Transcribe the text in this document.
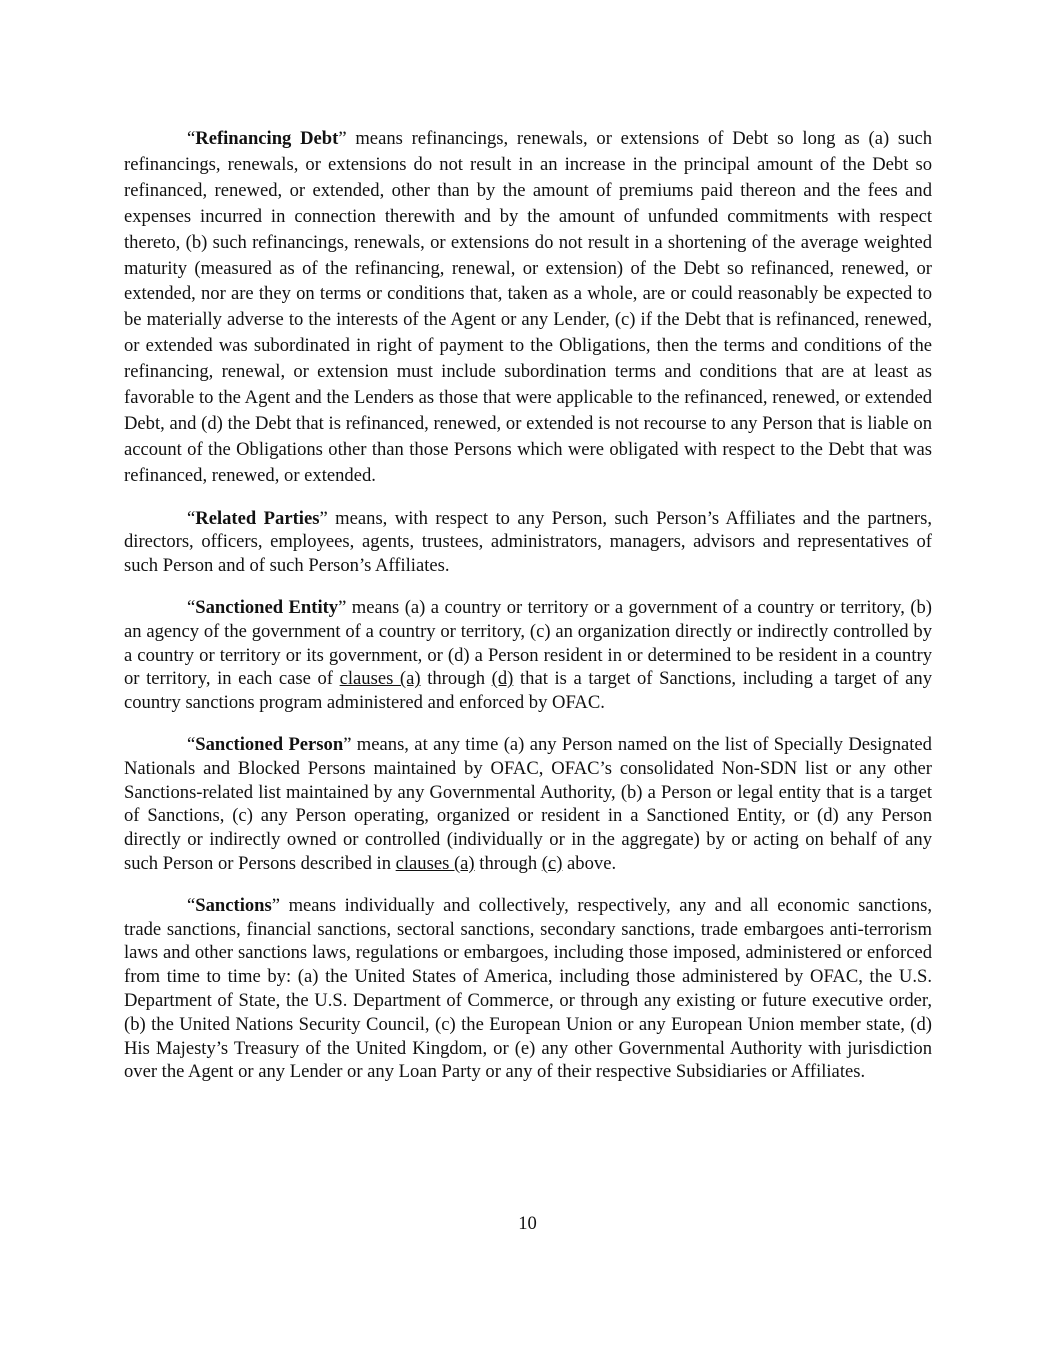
“Refinancing Debt” means refinancings, renewals, or extensions of Debt so long as (a) such refinancings, renewals, or extensions do not result in an increase in the principal amount of the Debt so refinanced, renewed, or extended, other than by the amount of premiums paid thereon and the fees and expenses incurred in connection therewith and by the amount of unfunded commitments with respect thereto, (b) such refinancings, renewals, or extensions do not result in a shortening of the average weighted maturity (measured as of the refinancing, renewal, or extension) of the Debt so refinanced, renewed, or extended, nor are they on terms or conditions that, taken as a whole, are or could reasonably be expected to be materially adverse to the interests of the Agent or any Lender, (c) if the Debt that is refinanced, renewed, or extended was subordinated in right of payment to the Obligations, then the terms and conditions of the refinancing, renewal, or extension must include subordination terms and conditions that are at least as favorable to the Agent and the Lenders as those that were applicable to the refinanced, renewed, or extended Debt, and (d) the Debt that is refinanced, renewed, or extended is not recourse to any Person that is liable on account of the Obligations other than those Persons which were obligated with respect to the Debt that was refinanced, renewed, or extended.

“Related Parties” means, with respect to any Person, such Person’s Affiliates and the partners, directors, officers, employees, agents, trustees, administrators, managers, advisors and representatives of such Person and of such Person’s Affiliates.

“Sanctioned Entity” means (a) a country or territory or a government of a country or territory, (b) an agency of the government of a country or territory, (c) an organization directly or indirectly controlled by a country or territory or its government, or (d) a Person resident in or determined to be resident in a country or territory, in each case of clauses (a) through (d) that is a target of Sanctions, including a target of any country sanctions program administered and enforced by OFAC.

“Sanctioned Person” means, at any time (a) any Person named on the list of Specially Designated Nationals and Blocked Persons maintained by OFAC, OFAC’s consolidated Non-SDN list or any other Sanctions-related list maintained by any Governmental Authority, (b) a Person or legal entity that is a target of Sanctions, (c) any Person operating, organized or resident in a Sanctioned Entity, or (d) any Person directly or indirectly owned or controlled (individually or in the aggregate) by or acting on behalf of any such Person or Persons described in clauses (a) through (c) above.

“Sanctions” means individually and collectively, respectively, any and all economic sanctions, trade sanctions, financial sanctions, sectoral sanctions, secondary sanctions, trade embargoes anti-terrorism laws and other sanctions laws, regulations or embargoes, including those imposed, administered or enforced from time to time by: (a) the United States of America, including those administered by OFAC, the U.S. Department of State, the U.S. Department of Commerce, or through any existing or future executive order, (b) the United Nations Security Council, (c) the European Union or any European Union member state, (d) His Majesty’s Treasury of the United Kingdom, or (e) any other Governmental Authority with jurisdiction over the Agent or any Lender or any Loan Party or any of their respective Subsidiaries or Affiliates.

10
